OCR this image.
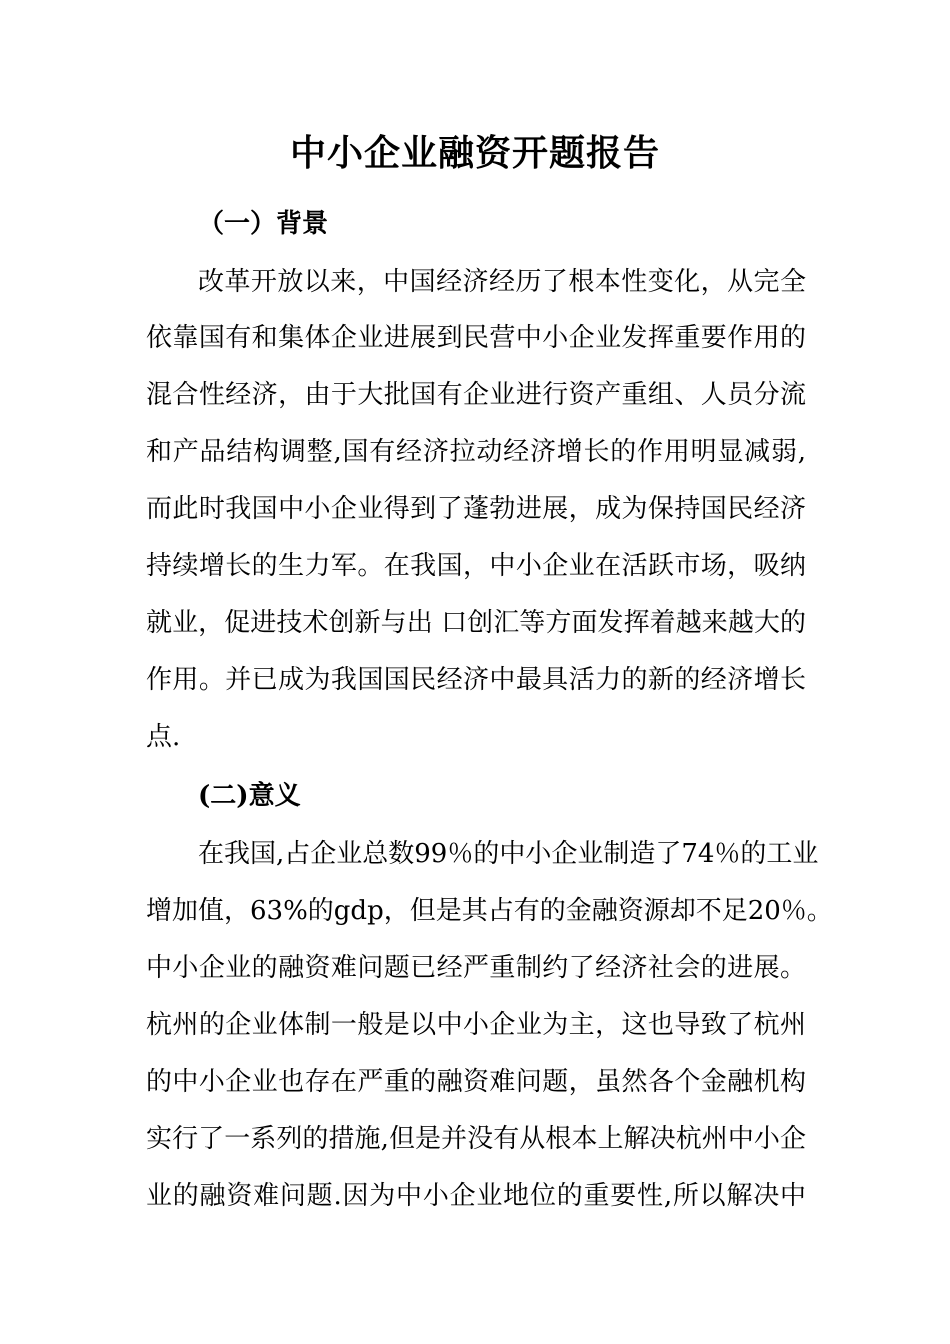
中小企业融资开题报告
（一）背景

改革开放以来，中国经济经历了根本性变化，从完全

依靠国有和集体企业进展到民营中小企业发挥重要作用的

混合性经济，由于大批国有企业进行资产重组、人员分流

和产品结构调整,国有经济拉动经济增长的作用明显减弱,

而此时我国中小企业得到了蓬勃进展，成为保持国民经济

持续增长的生力军。在我国，中小企业在活跃市场，吸纳

就业，促进技术创新与出 口创汇等方面发挥着越来越大的

作用。并已成为我国国民经济中最具活力的新的经济增长

点.

(二)意义

在我国,占企业总数99％的中小企业制造了74％的工业

增加值，63%的gdp，但是其占有的金融资源却不足20％。

中小企业的融资难问题已经严重制约了经济社会的进展。

杭州的企业体制一般是以中小企业为主，这也导致了杭州

的中小企业也存在严重的融资难问题，虽然各个金融机构

实行了一系列的措施,但是并没有从根本上解决杭州中小企

业的融资难问题.因为中小企业地位的重要性,所以解决中
